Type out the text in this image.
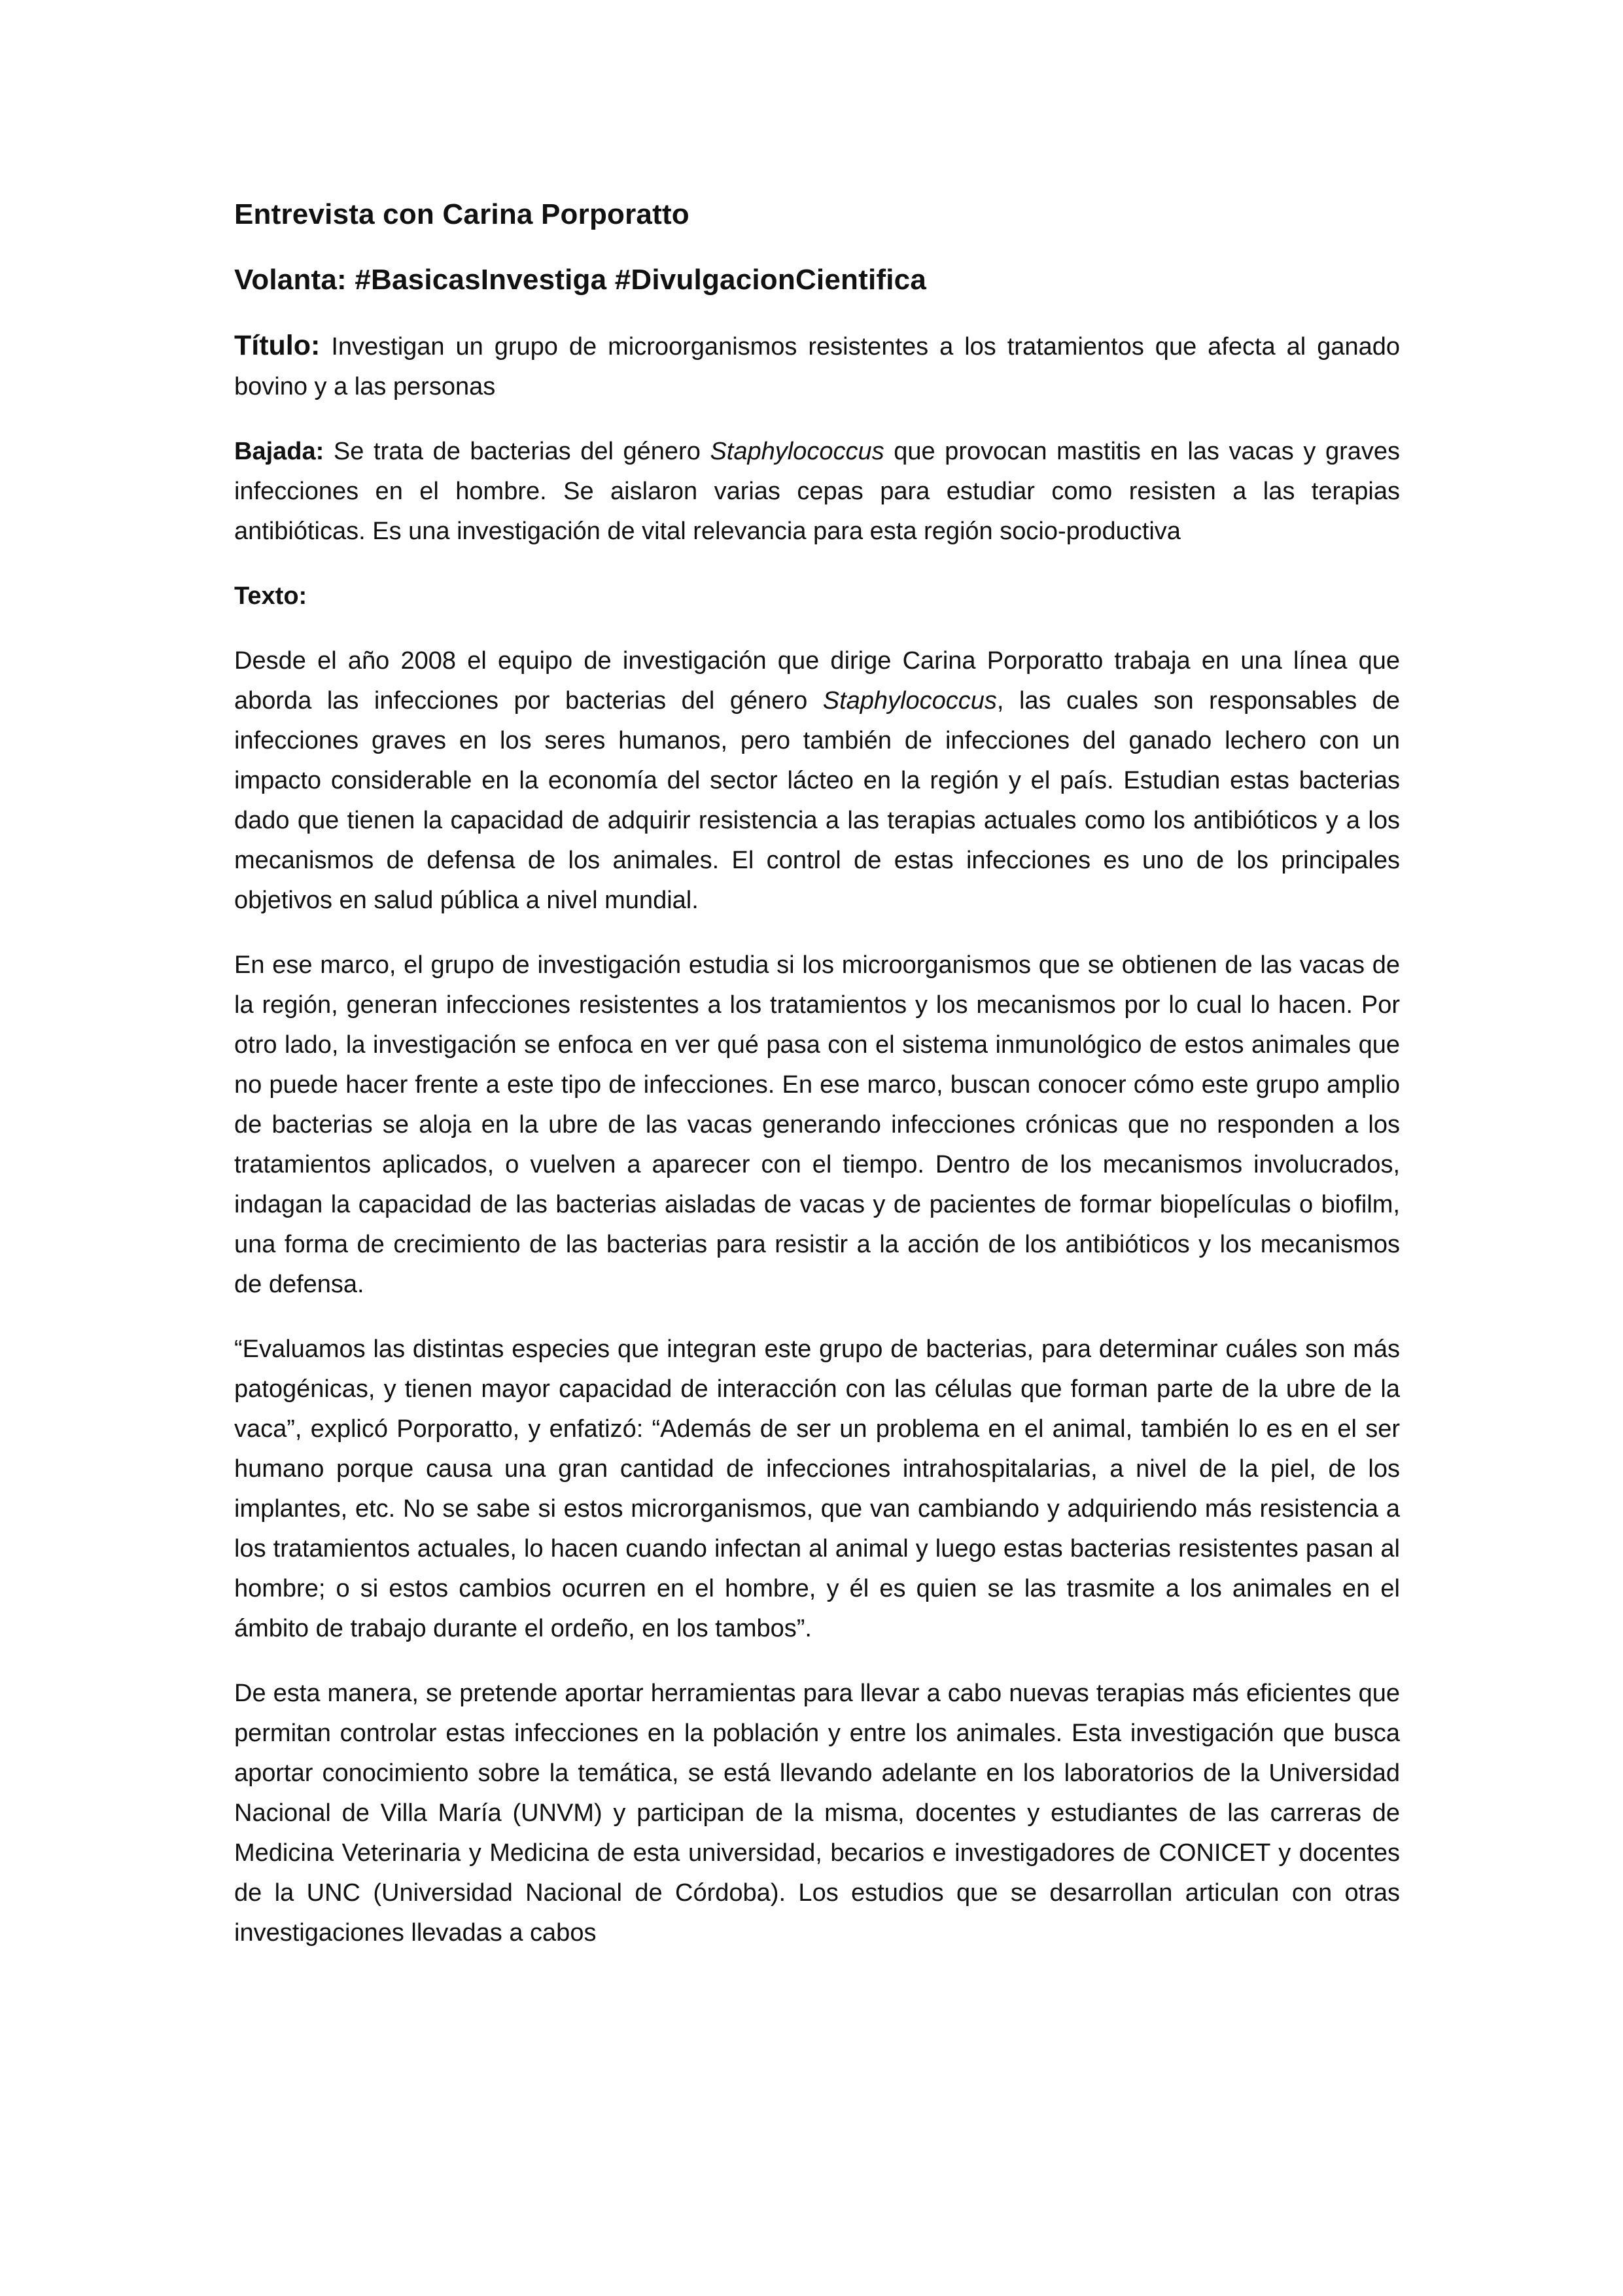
Entrevista con Carina Porporatto
Volanta: #BasicasInvestiga #DivulgacionCientifica
Título: Investigan un grupo de microorganismos resistentes a los tratamientos que afecta al ganado bovino y a las personas
Bajada: Se trata de bacterias del género Staphylococcus que provocan mastitis en las vacas y graves infecciones en el hombre. Se aislaron varias cepas para estudiar como resisten a las terapias antibióticas. Es una investigación de vital relevancia para esta región socio-productiva
Texto:
Desde el año 2008 el equipo de investigación que dirige Carina Porporatto trabaja en una línea que aborda las infecciones por bacterias del género Staphylococcus, las cuales son responsables de infecciones graves en los seres humanos, pero también de infecciones del ganado lechero con un impacto considerable en la economía del sector lácteo en la región y el país. Estudian estas bacterias dado que tienen la capacidad de adquirir resistencia a las terapias actuales como los antibióticos y a los mecanismos de defensa de los animales. El control de estas infecciones es uno de los principales objetivos en salud pública a nivel mundial.
En ese marco, el grupo de investigación estudia si los microorganismos que se obtienen de las vacas de la región, generan infecciones resistentes a los tratamientos y los mecanismos por lo cual lo hacen. Por otro lado, la investigación se enfoca en ver qué pasa con el sistema inmunológico de estos animales que no puede hacer frente a este tipo de infecciones. En ese marco, buscan conocer cómo este grupo amplio de bacterias se aloja en la ubre de las vacas generando infecciones crónicas que no responden a los tratamientos aplicados, o vuelven a aparecer con el tiempo. Dentro de los mecanismos involucrados, indagan la capacidad de las bacterias aisladas de vacas y de pacientes de formar biopelículas o biofilm, una forma de crecimiento de las bacterias para resistir a la acción de los antibióticos y los mecanismos de defensa.
“Evaluamos las distintas especies que integran este grupo de bacterias, para determinar cuáles son más patogénicas, y tienen mayor capacidad de interacción con las células que forman parte de la ubre de la vaca”, explicó Porporatto, y enfatizó: “Además de ser un problema en el animal, también lo es en el ser humano porque causa una gran cantidad de infecciones intrahospitalarias, a nivel de la piel, de los implantes, etc. No se sabe si estos microrganismos, que van cambiando y adquiriendo más resistencia a los tratamientos actuales, lo hacen cuando infectan al animal y luego estas bacterias resistentes pasan al hombre; o si estos cambios ocurren en el hombre, y él es quien se las trasmite a los animales en el ámbito de trabajo durante el ordeño, en los tambos”.
De esta manera, se pretende aportar herramientas para llevar a cabo nuevas terapias más eficientes que permitan controlar estas infecciones en la población y entre los animales. Esta investigación que busca aportar conocimiento sobre la temática, se está llevando adelante en los laboratorios de la Universidad Nacional de Villa María (UNVM) y participan de la misma, docentes y estudiantes de las carreras de Medicina Veterinaria y Medicina de esta universidad, becarios e investigadores de CONICET y docentes de la UNC (Universidad Nacional de Córdoba). Los estudios que se desarrollan articulan con otras investigaciones llevadas a cabos
